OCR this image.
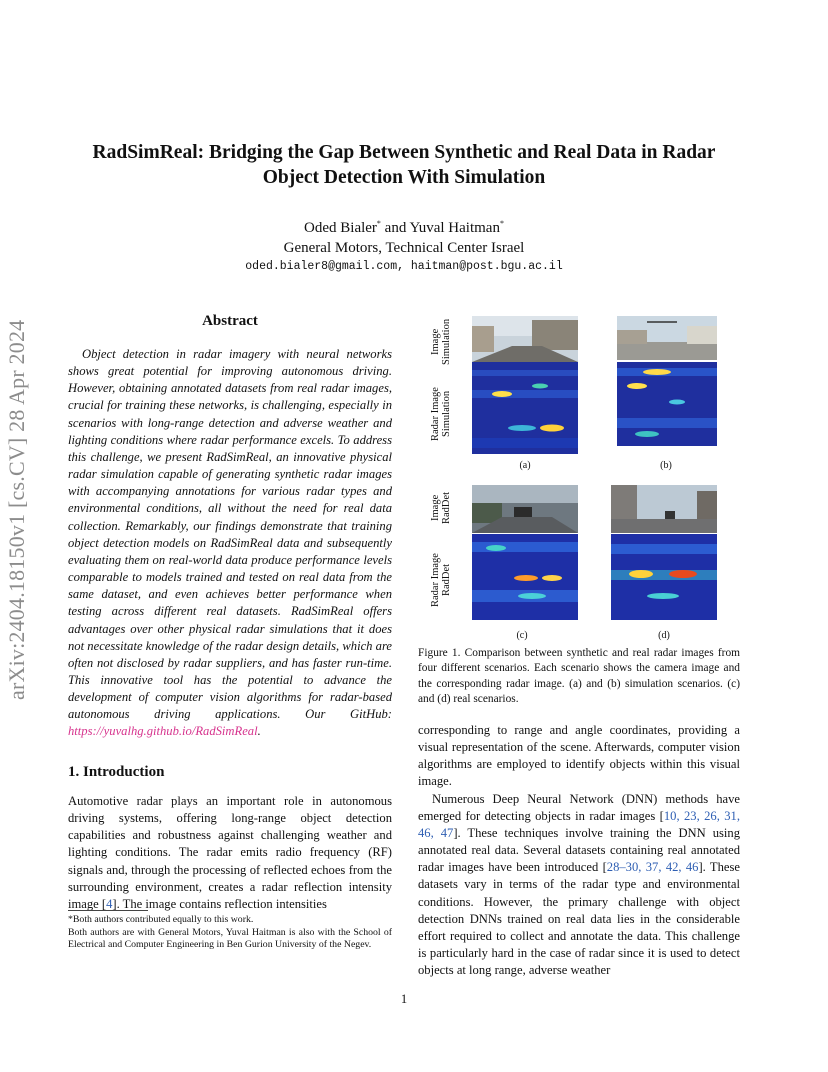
arXiv:2404.18150v1 [cs.CV] 28 Apr 2024
RadSimReal: Bridging the Gap Between Synthetic and Real Data in Radar Object Detection With Simulation
Oded Bialer* and Yuval Haitman*
General Motors, Technical Center Israel
oded.bialer8@gmail.com, haitman@post.bgu.ac.il
Abstract
Object detection in radar imagery with neural networks shows great potential for improving autonomous driving. However, obtaining annotated datasets from real radar images, crucial for training these networks, is challenging, especially in scenarios with long-range detection and adverse weather and lighting conditions where radar performance excels. To address this challenge, we present RadSimReal, an innovative physical radar simulation capable of generating synthetic radar images with accompanying annotations for various radar types and environmental conditions, all without the need for real data collection. Remarkably, our findings demonstrate that training object detection models on RadSimReal data and subsequently evaluating them on real-world data produce performance levels comparable to models trained and tested on real data from the same dataset, and even achieves better performance when testing across different real datasets. RadSimReal offers advantages over other physical radar simulations that it does not necessitate knowledge of the radar design details, which are often not disclosed by radar suppliers, and has faster run-time. This innovative tool has the potential to advance the development of computer vision algorithms for radar-based autonomous driving applications. Our GitHub: https://yuvalhg.github.io/RadSimReal.
1. Introduction
Automotive radar plays an important role in autonomous driving systems, offering long-range object detection capabilities and robustness against challenging weather and lighting conditions. The radar emits radio frequency (RF) signals and, through the processing of reflected echoes from the surrounding environment, creates a radar reflection intensity image [4]. The image contains reflection intensities
*Both authors contributed equally to this work.
Both authors are with General Motors, Yuval Haitman is also with the School of Electrical and Computer Engineering in Ben Gurion University of the Negev.
Image
Simulation
Radar Image
Simulation
Image
RadDet
Radar Image
RadDet
(a)	(b)
(c)	(d)
Figure 1. Comparison between synthetic and real radar images from four different scenarios. Each scenario shows the camera image and the corresponding radar image. (a) and (b) simulation scenarios. (c) and (d) real scenarios.

corresponding to range and angle coordinates, providing a visual representation of the scene. Afterwards, computer vision algorithms are employed to identify objects within this visual image.

Numerous Deep Neural Network (DNN) methods have emerged for detecting objects in radar images [10, 23, 26, 31, 46, 47]. These techniques involve training the DNN using annotated real data. Several datasets containing real annotated radar images have been introduced [28–30, 37, 42, 46]. These datasets vary in terms of the radar type and environmental conditions. However, the primary challenge with object detection DNNs trained on real data lies in the considerable effort required to collect and annotate the data. This challenge is particularly hard in the case of radar since it is used to detect objects at long range, adverse weather

1
